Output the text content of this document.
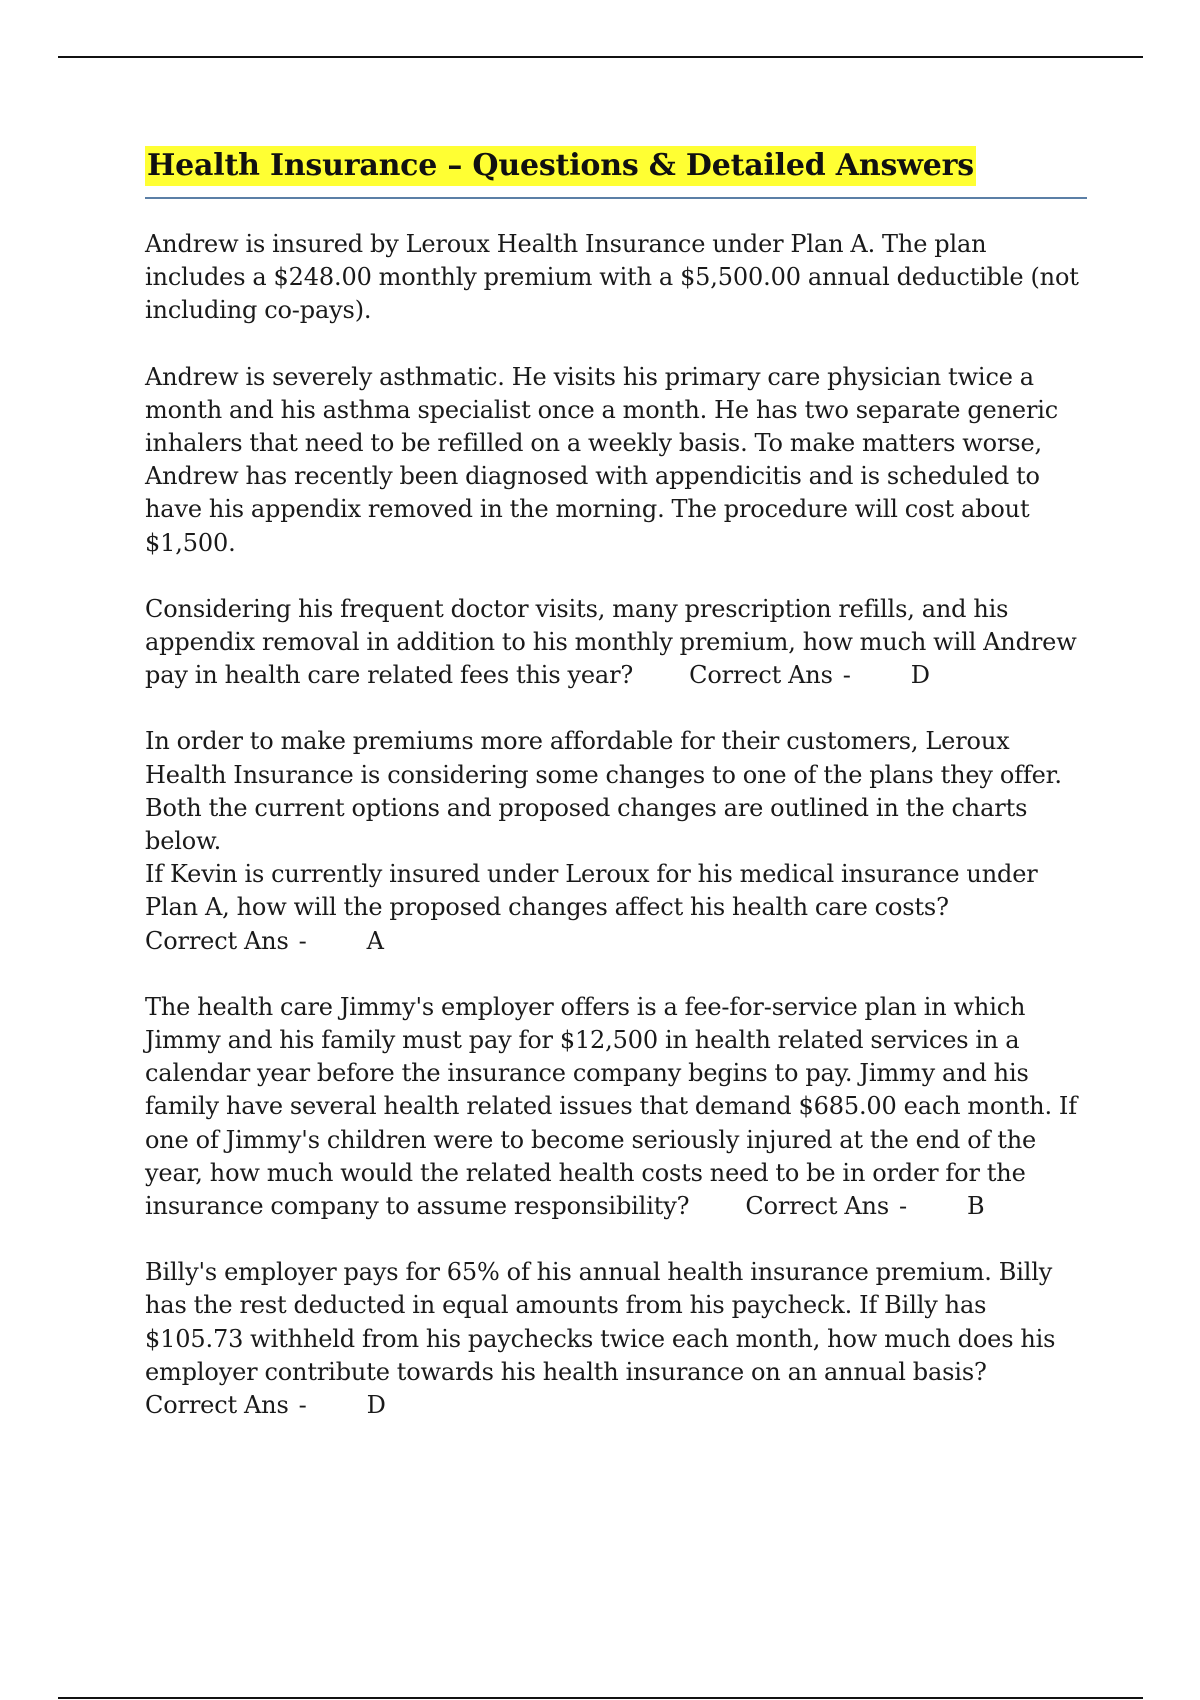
Health Insurance – Questions & Detailed Answers

Andrew is insured by Leroux Health Insurance under Plan A. The plan includes a $248.00 monthly premium with a $5,500.00 annual deductible (not including co-pays).

Andrew is severely asthmatic. He visits his primary care physician twice a month and his asthma specialist once a month. He has two separate generic inhalers that need to be refilled on a weekly basis. To make matters worse, Andrew has recently been diagnosed with appendicitis and is scheduled to have his appendix removed in the morning. The procedure will cost about $1,500.

Considering his frequent doctor visits, many prescription refills, and his appendix removal in addition to his monthly premium, how much will Andrew pay in health care related fees this year? Correct Ans -	D

In order to make premiums more affordable for their customers, Leroux Health Insurance is considering some changes to one of the plans they offer. Both the current options and proposed changes are outlined in the charts below.

If Kevin is currently insured under Leroux for his medical insurance under Plan A, how will the proposed changes affect his health care costs?
Correct Ans -	A

The health care Jimmy's employer offers is a fee-for-service plan in which Jimmy and his family must pay for $12,500 in health related services in a calendar year before the insurance company begins to pay. Jimmy and his family have several health related issues that demand $685.00 each month. If one of Jimmy's children were to become seriously injured at the end of the year, how much would the related health costs need to be in order for the insurance company to assume responsibility? Correct Ans -	B

Billy's employer pays for 65% of his annual health insurance premium. Billy has the rest deducted in equal amounts from his paycheck. If Billy has $105.73 withheld from his paychecks twice each month, how much does his employer contribute towards his health insurance on an annual basis?
Correct Ans -	D
